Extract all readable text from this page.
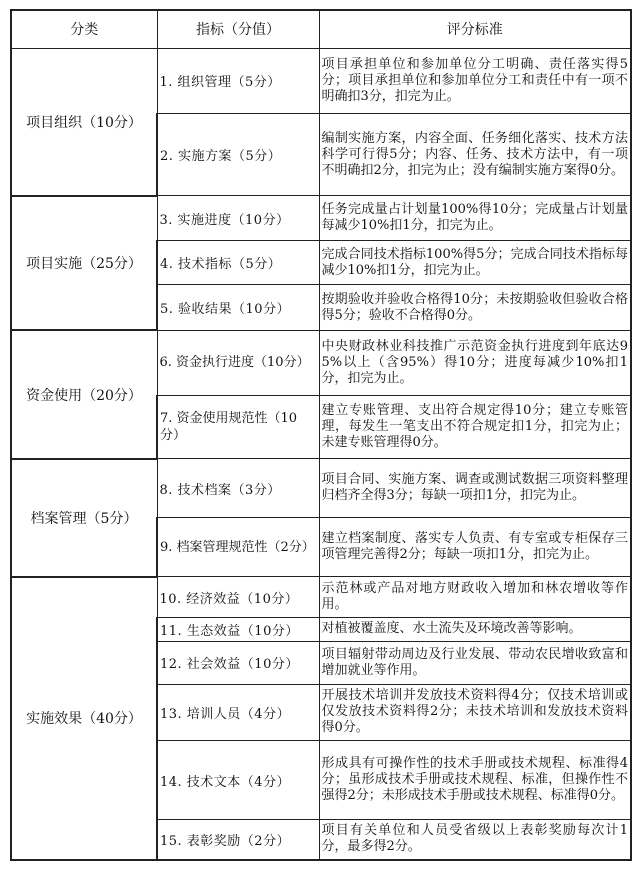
分类	指标（分值）	评分标准
项目组织（10分）	1. 组织管理（5分）	项目承担单位和参加单位分工明确、责任落实得5分；项目承担单位和参加单位分工和责任中有一项不明确扣3分，扣完为止。
	2. 实施方案（5分）	编制实施方案，内容全面、任务细化落实、技术方法科学可行得5分；内容、任务、技术方法中，有一项不明确扣2分，扣完为止；没有编制实施方案得0分。
项目实施（25分）	3. 实施进度（10分）	任务完成量占计划量100%得10分；完成量占计划量每减少10%扣1分，扣完为止。
	4. 技术指标（5分）	完成合同技术指标100%得5分；完成合同技术指标每减少10%扣1分，扣完为止。
	5. 验收结果（10分）	按期验收并验收合格得10分；未按期验收但验收合格得5分；验收不合格得0分。
资金使用（20分）	6. 资金执行进度（10分）	中央财政林业科技推广示范资金执行进度到年底达95%以上（含95%）得10分；进度每减少10%扣1分，扣完为止。
	7. 资金使用规范性（10分）	建立专账管理、支出符合规定得10分；建立专账管理，每发生一笔支出不符合规定扣1分，扣完为止；未建专账管理得0分。
档案管理（5分）	8. 技术档案（3分）	项目合同、实施方案、调查或测试数据三项资料整理归档齐全得3分；每缺一项扣1分，扣完为止。
	9. 档案管理规范性（2分）	建立档案制度、落实专人负责、有专室或专柜保存三项管理完善得2分；每缺一项扣1分，扣完为止。
实施效果（40分）	10. 经济效益（10分）	示范林或产品对地方财政收入增加和林农增收等作用。
	11. 生态效益（10分）	对植被覆盖度、水土流失及环境改善等影响。
	12. 社会效益（10分）	项目辐射带动周边及行业发展、带动农民增收致富和增加就业等作用。
	13. 培训人员（4分）	开展技术培训并发放技术资料得4分；仅技术培训或仅发放技术资料得2分；未技术培训和发放技术资料得0分。
	14. 技术文本（4分）	形成具有可操作性的技术手册或技术规程、标准得4分；虽形成技术手册或技术规程、标准，但操作性不强得2分；未形成技术手册或技术规程、标准得0分。
	15. 表彰奖励（2分）	项目有关单位和人员受省级以上表彰奖励每次计1分，最多得2分。
